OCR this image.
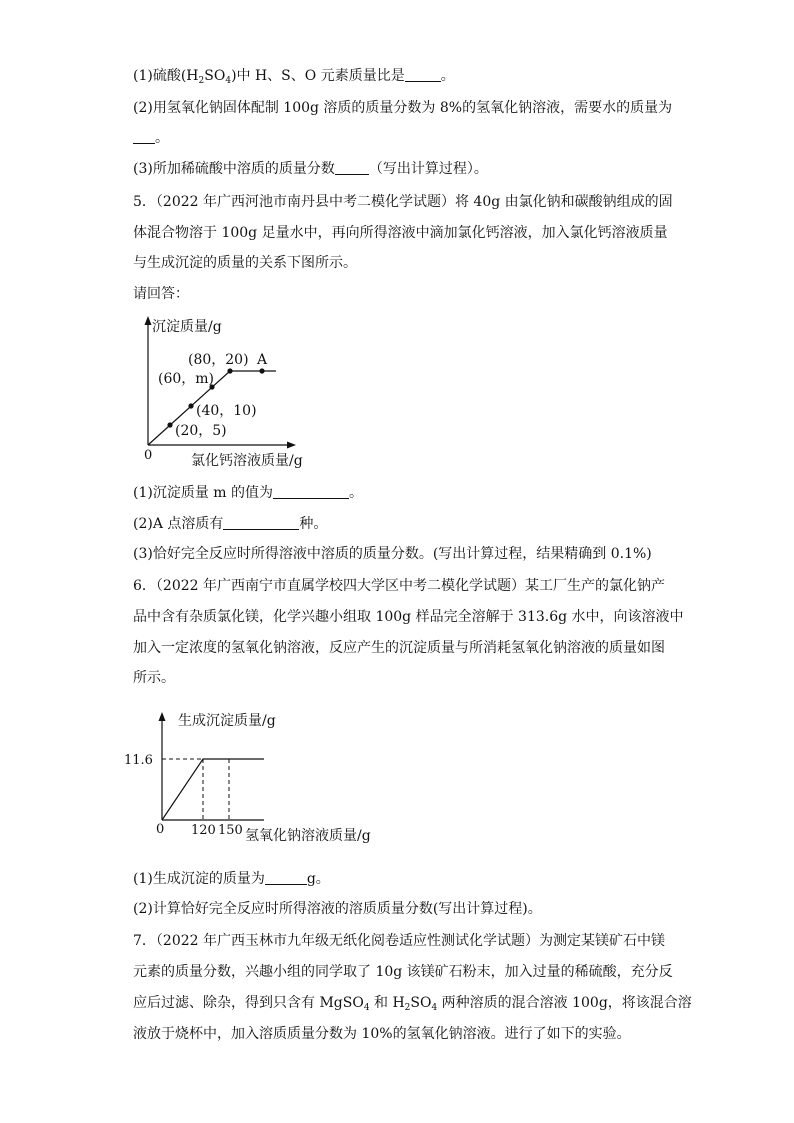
(1)硫酸$(H_2SO_4)$中 H、S、O 元素质量比是	。
(2)用氢氧化钠固体配制 100g 溶质的质量分数为 8%的氢氧化钠溶液，需要水的质量为
。
(3)所加稀硫酸中溶质的质量分数 （写出计算过程）。
5．（2022 年广西河池市南丹县中考二模化学试题）将 40g 由氯化钠和碳酸钠组成的固
体混合物溶于 100g 足量水中，再向所得溶液中滴加氯化钙溶液，加入氯化钙溶液质量
与生成沉淀的质量的关系下图所示。
请回答：
沉淀质量/g
(80，20) A
(60，m)
(40，10)
(20，5)
0	氯化钙溶液质量/g
(1)沉淀质量 m 的值为	。
(2)A 点溶质有	种。
(3)恰好完全反应时所得溶液中溶质的质量分数。(写出计算过程，结果精确到 0.1%)
6．（2022 年广西南宁市直属学校四大学区中考二模化学试题）某工厂生产的氯化钠产
品中含有杂质氯化镁，化学兴趣小组取 100g 样品完全溶解于 313.6g 水中，向该溶液中
加入一定浓度的氢氧化钠溶液，反应产生的沉淀质量与所消耗氢氧化钠溶液的质量如图
所示。
生成沉淀质量/g
11.6
0 120 150 氢氧化钠溶液质量/g
(1)生成沉淀的质量为	g。
(2)计算恰好完全反应时所得溶液的溶质质量分数(写出计算过程)。
7．（2022 年广西玉林市九年级无纸化阅卷适应性测试化学试题）为测定某镁矿石中镁
元素的质量分数，兴趣小组的同学取了 10g 该镁矿石粉末，加入过量的稀硫酸，充分反
应后过滤、除杂，得到只含有 MgSO$_4$ 和 $H_2SO_4$ 两种溶质的混合溶液 100g，将该混合溶
液放于烧杯中，加入溶质质量分数为 10%的氢氧化钠溶液。进行了如下的实验。
